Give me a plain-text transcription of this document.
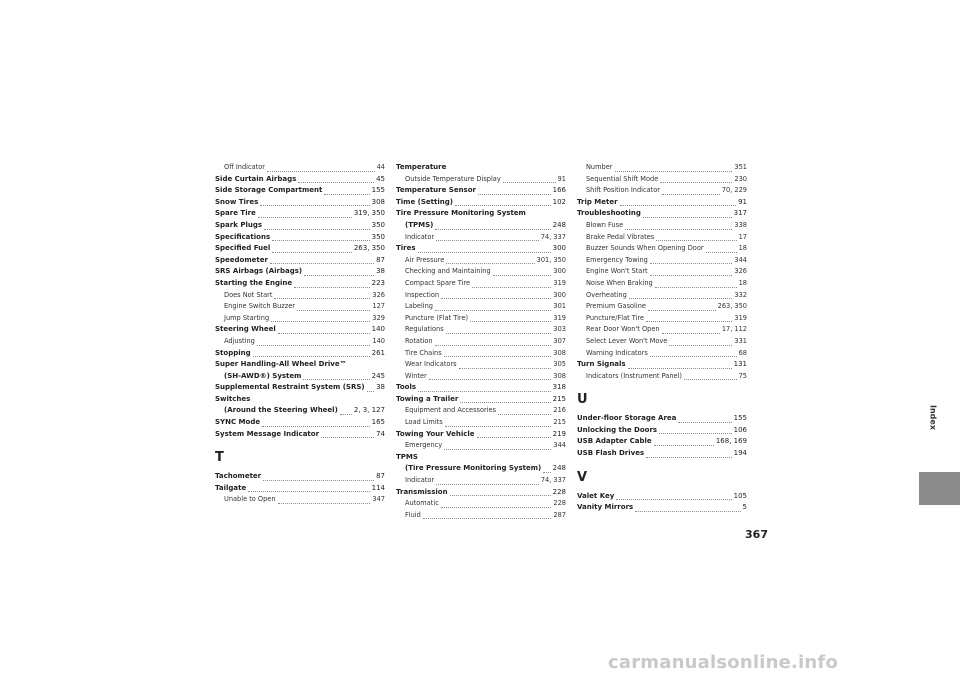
Off Indicator	44
Side Curtain Airbags	45
Side Storage Compartment	155
Snow Tires	308
Spare Tire	319, 350
Spark Plugs	350
Specifications	350
Specified Fuel	263, 350
Speedometer	87
SRS Airbags (Airbags)	38
Starting the Engine	223
Does Not Start	326
Engine Switch Buzzer	127
Jump Starting	329
Steering Wheel	140
Adjusting	140
Stopping	261
Super Handling-All Wheel Drive™
(SH-AWD®) System	245
Supplemental Restraint System (SRS) 38
Switches
(Around the Steering Wheel) 2, 3, 127
SYNC Mode	165
System Message Indicator	74
T
Tachometer	87
Tailgate	114
Unable to Open	347
Temperature
Outside Temperature Display	91
Temperature Sensor	166
Time (Setting)	102
Tire Pressure Monitoring System
(TPMS)	248
Indicator	74, 337
Tires	300
Air Pressure	301, 350
Checking and Maintaining	300
Compact Spare Tire	319
Inspection	300
Labeling	301
Puncture (Flat Tire)	319
Regulations	303
Rotation	307
Tire Chains	308
Wear Indicators	305
Winter	308
Tools	318
Towing a Trailer	215
Equipment and Accessories	216
Load Limits	215
Towing Your Vehicle	219
Emergency	344
TPMS
(Tire Pressure Monitoring System) 248
Indicator	74, 337
Transmission	228
Automatic	228
Fluid	287
Number	351
Sequential Shift Mode	230
Shift Position Indicator	70, 229
Trip Meter	91
Troubleshooting	317
Blown Fuse	338
Brake Pedal Vibrates	17
Buzzer Sounds When Opening Door	18
Emergency Towing	344
Engine Won't Start	326
Noise When Braking	18
Overheating	332
Premium Gasoline	263, 350
Puncture/Flat Tire	319
Rear Door Won't Open	17, 112
Select Lever Won't Move	331
Warning Indicators	68
Turn Signals	131
Indicators (Instrument Panel)	75
U
Under-floor Storage Area	155
Unlocking the Doors	106
USB Adapter Cable	168, 169
USB Flash Drives	194
V
Valet Key	105
Vanity Mirrors	5
Index
367
carmanualsonline.info
